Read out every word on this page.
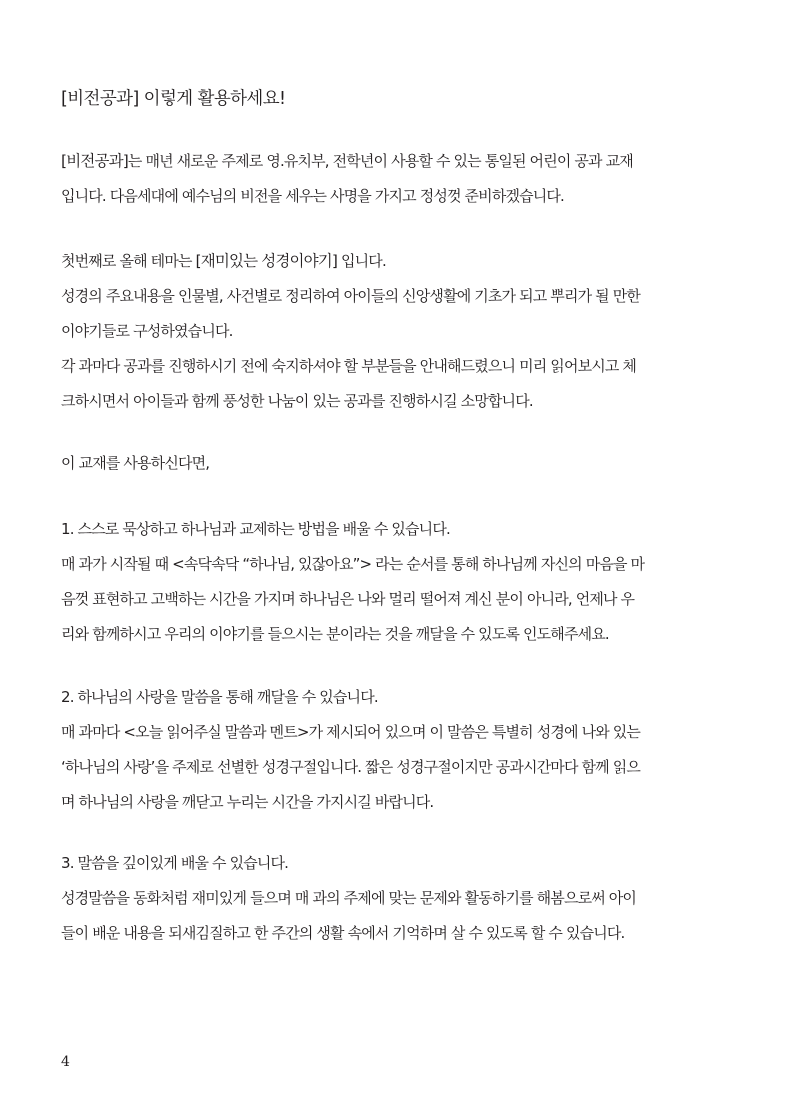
[비전공과] 이렇게 활용하세요!
[비전공과]는 매년 새로운 주제로 영.유치부, 전학년이 사용할 수 있는 통일된 어린이 공과 교재
입니다. 다음세대에 예수님의 비전을 세우는 사명을 가지고 정성껏 준비하겠습니다.
첫번째로 올해 테마는 [재미있는 성경이야기] 입니다.
성경의 주요내용을 인물별, 사건별로 정리하여 아이들의 신앙생활에 기초가 되고 뿌리가 될 만한
이야기들로 구성하였습니다.
각 과마다 공과를 진행하시기 전에 숙지하셔야 할 부분들을 안내해드렸으니 미리 읽어보시고 체
크하시면서 아이들과 함께 풍성한 나눔이 있는 공과를 진행하시길 소망합니다.
이 교재를 사용하신다면,
1. 스스로 묵상하고 하나님과 교제하는 방법을 배울 수 있습니다.
매 과가 시작될 때 <속닥속닥 “하나님, 있잖아요”> 라는 순서를 통해 하나님께 자신의 마음을 마
음껏 표현하고 고백하는 시간을 가지며 하나님은 나와 멀리 떨어져 계신 분이 아니라, 언제나 우
리와 함께하시고 우리의 이야기를 들으시는 분이라는 것을 깨달을 수 있도록 인도해주세요.
2. 하나님의 사랑을 말씀을 통해 깨달을 수 있습니다.
매 과마다 <오늘 읽어주실 말씀과 멘트>가 제시되어 있으며 이 말씀은 특별히 성경에 나와 있는
‘하나님의 사랑’을 주제로 선별한 성경구절입니다. 짧은 성경구절이지만 공과시간마다 함께 읽으
며 하나님의 사랑을 깨닫고 누리는 시간을 가지시길 바랍니다.
3. 말씀을 깊이있게 배울 수 있습니다.
성경말씀을 동화처럼 재미있게 들으며 매 과의 주제에 맞는 문제와 활동하기를 해봄으로써 아이
들이 배운 내용을 되새김질하고 한 주간의 생활 속에서 기억하며 살 수 있도록 할 수 있습니다.
4
